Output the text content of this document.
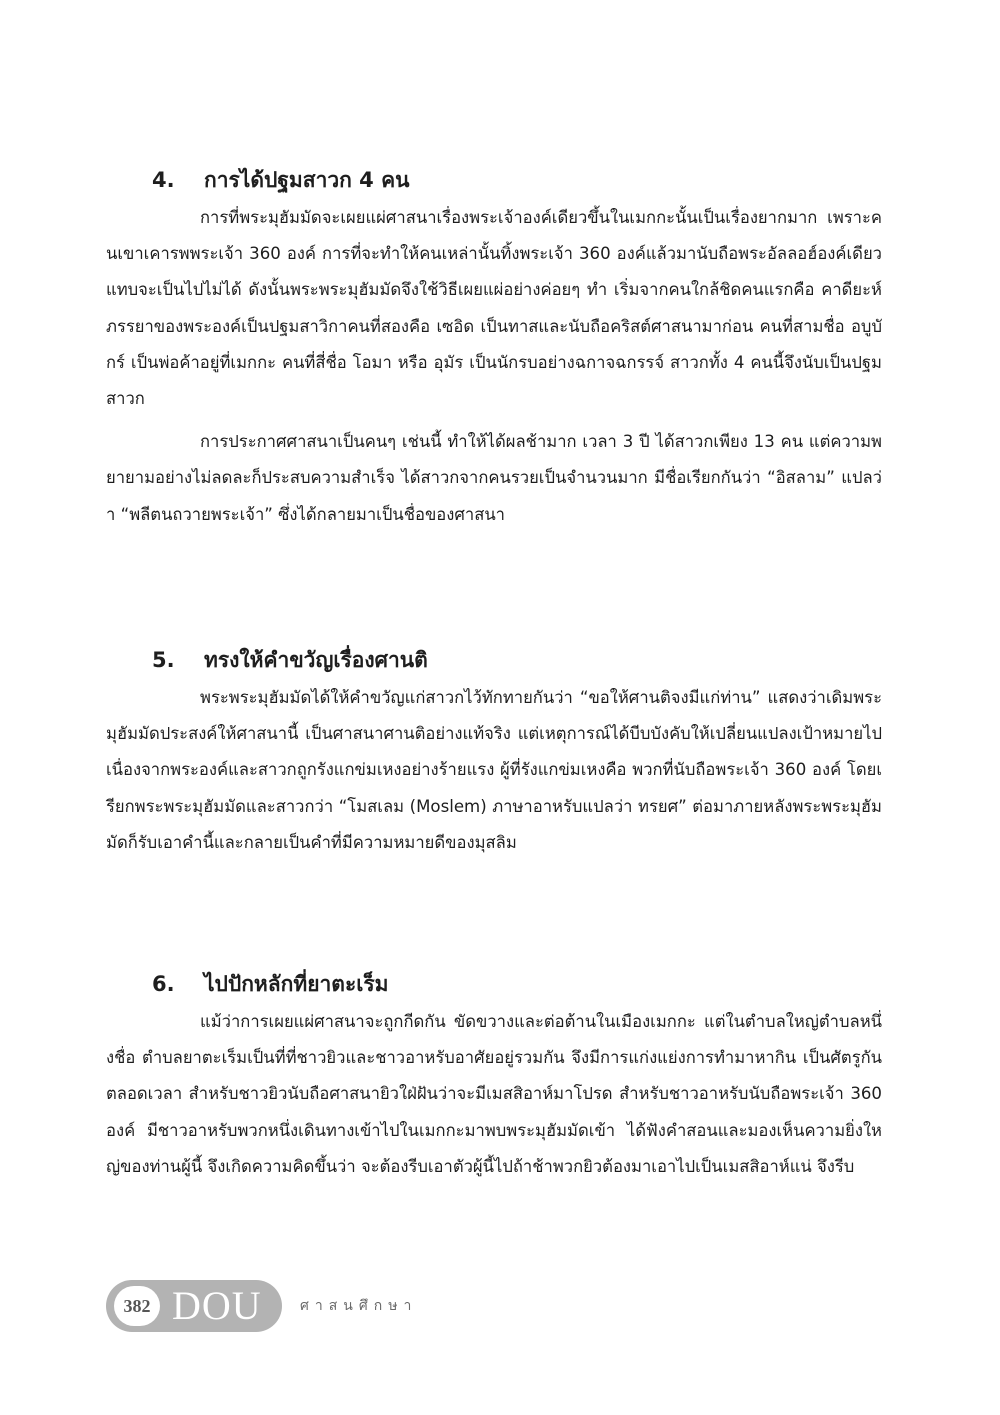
4. การได้ปฐมสาวก 4 คน

การที่พระมุฮัมมัดจะเผยแผ่ศาสนาเรื่องพระเจ้าองค์เดียวขึ้นในเมกกะนั้นเป็นเรื่องยากมาก เพราะคนเขาเคารพพระเจ้า 360 องค์ การที่จะทำให้คนเหล่านั้นทิ้งพระเจ้า 360 องค์แล้วมานับถือพระอัลลอฮ์องค์เดียวแทบจะเป็นไปไม่ได้ ดังนั้นพระพระมุฮัมมัดจึงใช้วิธีเผยแผ่อย่างค่อยๆ ทำ เริ่มจากคนใกล้ชิดคนแรกคือ คาดียะห์ ภรรยาของพระองค์เป็นปฐมสาวิกาคนที่สองคือ เซอิด เป็นทาสและนับถือคริสต์ศาสนามาก่อน คนที่สามชื่อ อบูบักร์ เป็นพ่อค้าอยู่ที่เมกกะ คนที่สี่ชื่อ โอมา หรือ อุมัร เป็นนักรบอย่างฉกาจฉกรรจ์ สาวกทั้ง 4 คนนี้จึงนับเป็นปฐมสาวก

การประกาศศาสนาเป็นคนๆ เช่นนี้ ทำให้ได้ผลช้ามาก เวลา 3 ปี ได้สาวกเพียง 13 คน แต่ความพยายามอย่างไม่ลดละก็ประสบความสำเร็จ ได้สาวกจากคนรวยเป็นจำนวนมาก มีชื่อเรียกกันว่า “อิสลาม” แปลว่า “พลีตนถวายพระเจ้า” ซึ่งได้กลายมาเป็นชื่อของศาสนา

5. ทรงให้คำขวัญเรื่องศานติ

พระพระมุฮัมมัดได้ให้คำขวัญแก่สาวกไว้ทักทายกันว่า “ขอให้ศานติจงมีแก่ท่าน” แสดงว่าเดิมพระมุฮัมมัดประสงค์ให้ศาสนานี้ เป็นศาสนาศานติอย่างแท้จริง แต่เหตุการณ์ได้บีบบังคับให้เปลี่ยนแปลงเป้าหมายไป เนื่องจากพระองค์และสาวกถูกรังแกข่มเหงอย่างร้ายแรง ผู้ที่รังแกข่มเหงคือ พวกที่นับถือพระเจ้า 360 องค์ โดยเรียกพระพระมุฮัมมัดและสาวกว่า “โมสเลม (Moslem) ภาษาอาหรับแปลว่า ทรยศ” ต่อมาภายหลังพระพระมุฮัมมัดก็รับเอาคำนี้และกลายเป็นคำที่มีความหมายดีของมุสลิม

6. ไปปักหลักที่ยาตะเร็ม

แม้ว่าการเผยแผ่ศาสนาจะถูกกีดกัน ขัดขวางและต่อต้านในเมืองเมกกะ แต่ในตำบลใหญ่ตำบลหนึ่งชื่อ ตำบลยาตะเร็มเป็นที่ที่ชาวยิวและชาวอาหรับอาศัยอยู่รวมกัน จึงมีการแก่งแย่งการทำมาหากิน เป็นศัตรูกันตลอดเวลา สำหรับชาวยิวนับถือศาสนายิวใฝ่ฝันว่าจะมีเมสสิอาห์มาโปรด สำหรับชาวอาหรับนับถือพระเจ้า 360 องค์ มีชาวอาหรับพวกหนึ่งเดินทางเข้าไปในเมกกะมาพบพระมุฮัมมัดเข้า ได้ฟังคำสอนและมองเห็นความยิ่งใหญ่ของท่านผู้นี้ จึงเกิดความคิดขึ้นว่า จะต้องรีบเอาตัวผู้นี้ไปถ้าช้าพวกยิวต้องมาเอาไปเป็นเมสสิอาห์แน่ จึงรีบ

382 DOU	ศาสนศึกษา
